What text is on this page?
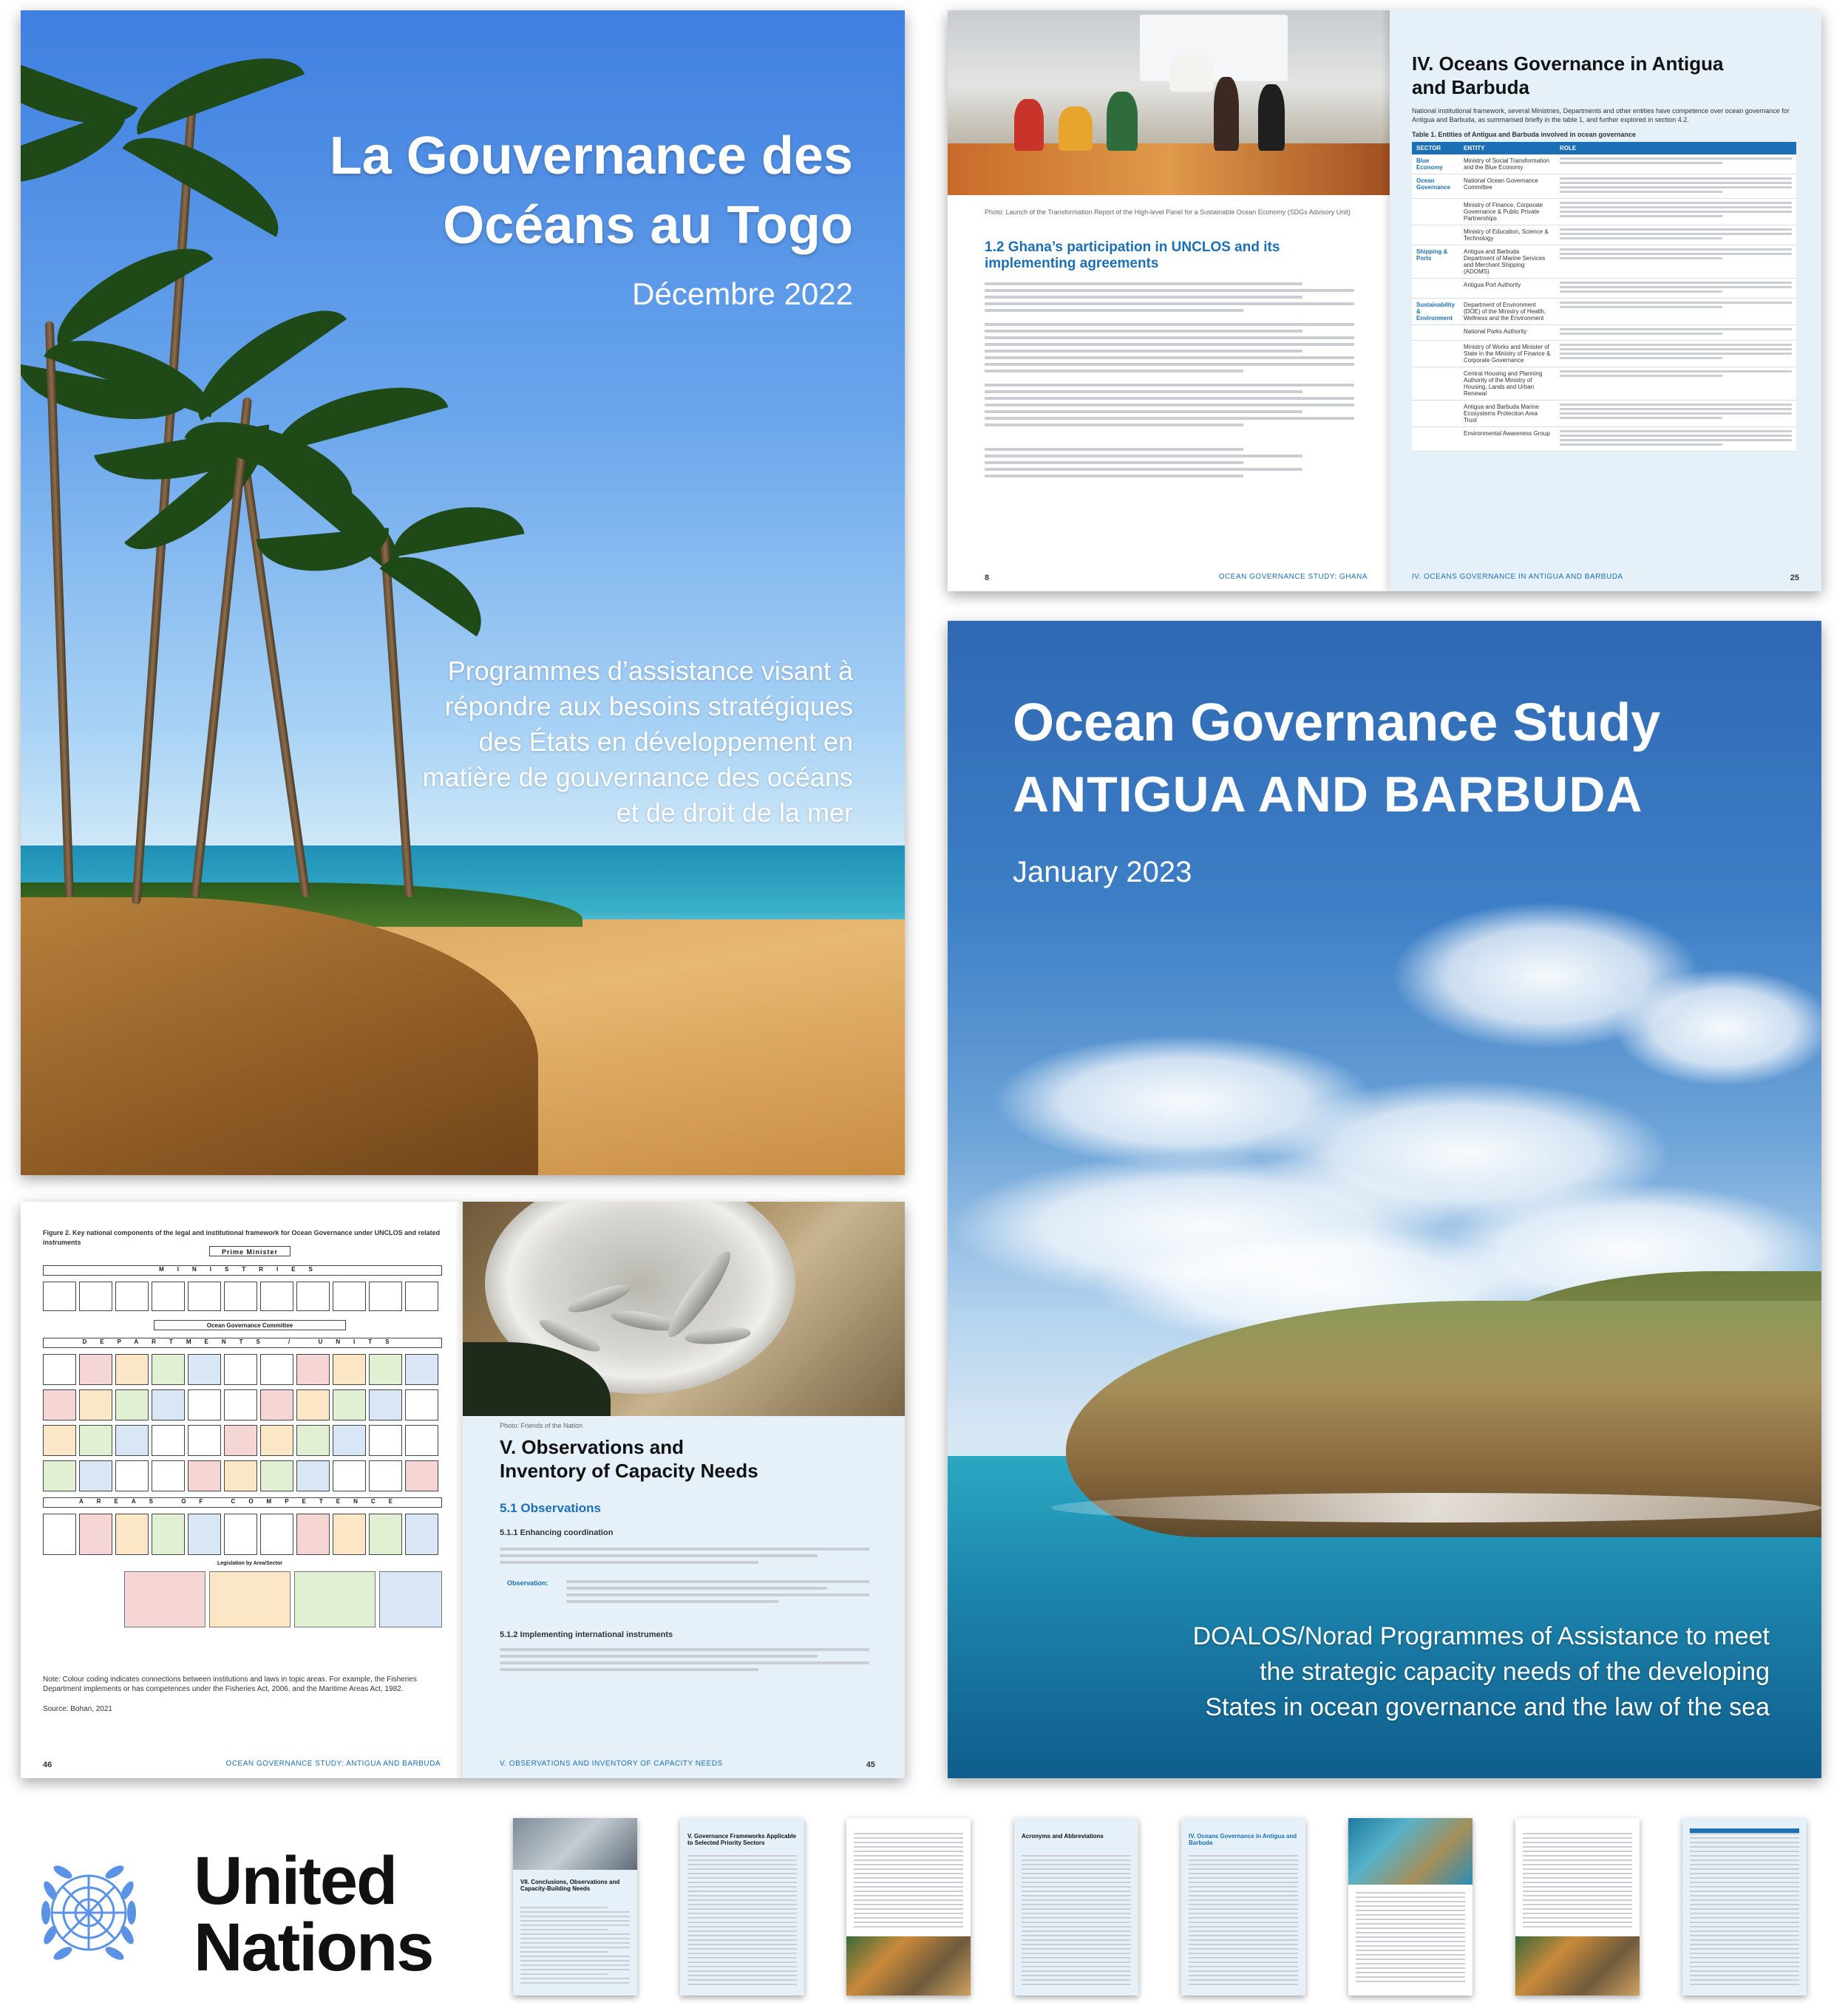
La Gouvernance des
Océans au Togo
Décembre 2022
Programmes d’assistance visant à
répondre aux besoins stratégiques
des États en développement en
matière de gouvernance des océans
et de droit de la mer
Photo: Launch of the Transformation Report of the High-level Panel for a Sustainable Ocean Economy (SDGs Advisory Unit)
1.2 Ghana’s participation in UNCLOS and its
implementing agreements
8	OCEAN GOVERNANCE STUDY: GHANA
IV. Oceans Governance in Antigua
and Barbuda
National institutional framework, several Ministries, Departments and other entities have competence over ocean governance for Antigua and Barbuda, as summarised briefly in the table 1, and further explored in section 4.2.
Table 1. Entities of Antigua and Barbuda involved in ocean governance
SECTOR	ENTITY	ROLE
Blue Economy	Ministry of Social Transformation and the Blue Economy	

Ocean Governance	National Ocean Governance Committee	

	Ministry of Finance, Corporate Governance & Public Private Partnerships	

	Ministry of Education, Science & Technology	

Shipping & Ports	Antigua and Barbuda Department of Marine Services and Merchant Shipping (ADOMS)	

	Antigua Port Authority	

Sustainability & Environment	Department of Environment (DOE) of the Ministry of Health, Wellness and the Environment	

	National Parks Authority	

	Ministry of Works and Minister of State in the Ministry of Finance & Corporate Governance	

	Central Housing and Planning Authority of the Ministry of Housing, Lands and Urban Renewal	

	Antigua and Barbuda Marine Ecosystems Protection Area Trust	

	Environmental Awareness Group	
IV. OCEANS GOVERNANCE IN ANTIGUA AND BARBUDA	25
Ocean Governance Study
ANTIGUA AND BARBUDA
January 2023
DOALOS/Norad Programmes of Assistance to meet
the strategic capacity needs of the developing
States in ocean governance and the law of the sea
Figure 2. Key national components of the legal and institutional framework for Ocean Governance under UNCLOS and related instruments
Prime Minister
MINISTRIES
Ocean Governance Committee
DEPARTMENTS / UNITS
AREAS OF COMPETENCE
Legislation by Area/Sector
Note: Colour coding indicates connections between institutions and laws in topic areas. For example, the Fisheries Department implements or has competences under the Fisheries Act, 2006, and the Maritime Areas Act, 1982.
Source: Bohan, 2021
46	OCEAN GOVERNANCE STUDY: ANTIGUA AND BARBUDA
Photo: Friends of the Nation
V. Observations and
Inventory of Capacity Needs
5.1 Observations
5.1.1 Enhancing coordination
Observation:
5.1.2 Implementing international instruments
V. OBSERVATIONS AND INVENTORY OF CAPACITY NEEDS	45
United
Nations
VII. Conclusions, Observations and Capacity-Building Needs
V. Governance Frameworks Applicable to Selected Priority Sectors
Acronyms and Abbreviations	IV. Oceans Governance in Antigua and Barbuda
